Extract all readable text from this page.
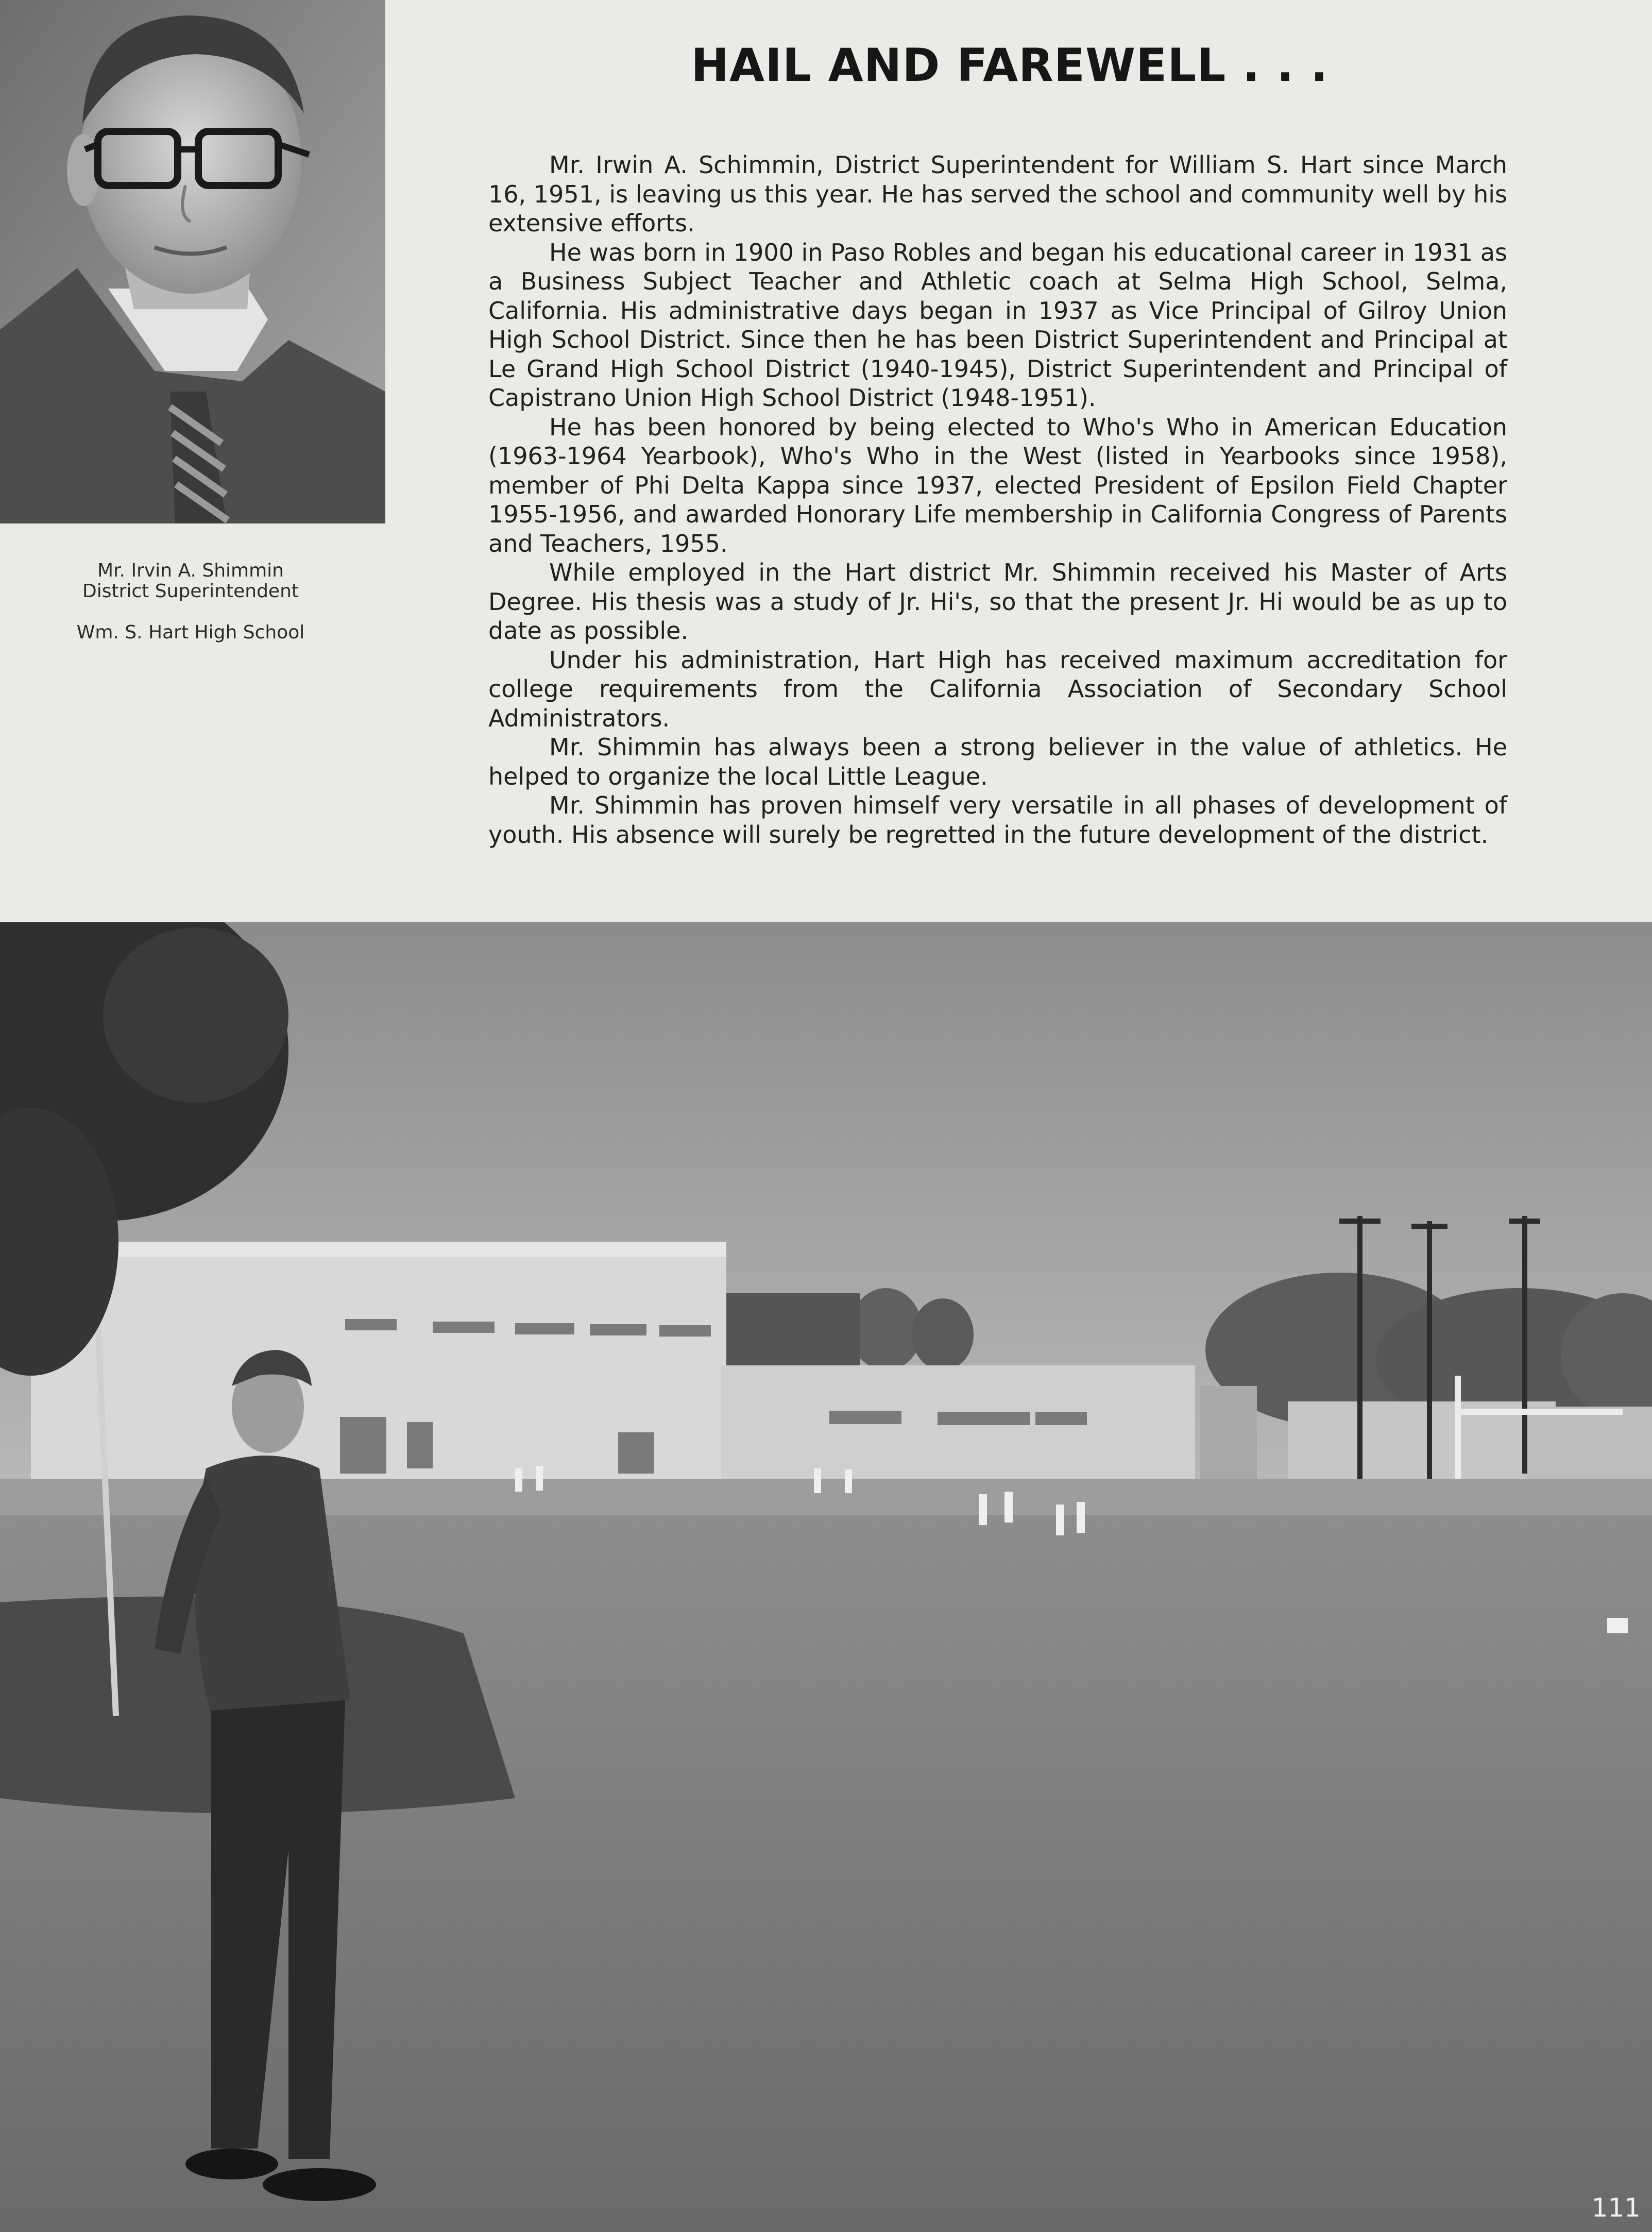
Mr. Irvin A. Shimmin
District Superintendent
Wm. S. Hart High School
HAIL AND FAREWELL . . .

Mr. Irwin A. Schimmin, District Superintendent for William S. Hart since March 16, 1951, is leaving us this year. He has served the school and community well by his extensive efforts.

He was born in 1900 in Paso Robles and began his educational career in 1931 as a Business Subject Teacher and Athletic coach at Selma High School, Selma, California. His administrative days began in 1937 as Vice Principal of Gilroy Union High School District. Since then he has been District Superintendent and Principal at Le Grand High School District (1940-1945), District Superintendent and Principal of Capistrano Union High School District (1948-1951).

He has been honored by being elected to Who's Who in American Education (1963-1964 Yearbook), Who's Who in the West (listed in Yearbooks since 1958), member of Phi Delta Kappa since 1937, elected President of Epsilon Field Chapter 1955-1956, and awarded Honorary Life membership in California Congress of Parents and Teachers, 1955.

While employed in the Hart district Mr. Shimmin received his Master of Arts Degree. His thesis was a study of Jr. Hi's, so that the present Jr. Hi would be as up to date as possible.

Under his administration, Hart High has received maximum accreditation for college requirements from the California Association of Secondary School Administrators.

Mr. Shimmin has always been a strong believer in the value of athletics. He helped to organize the local Little League.

Mr. Shimmin has proven himself very versatile in all phases of development of youth. His absence will surely be regretted in the future development of the district.

111
